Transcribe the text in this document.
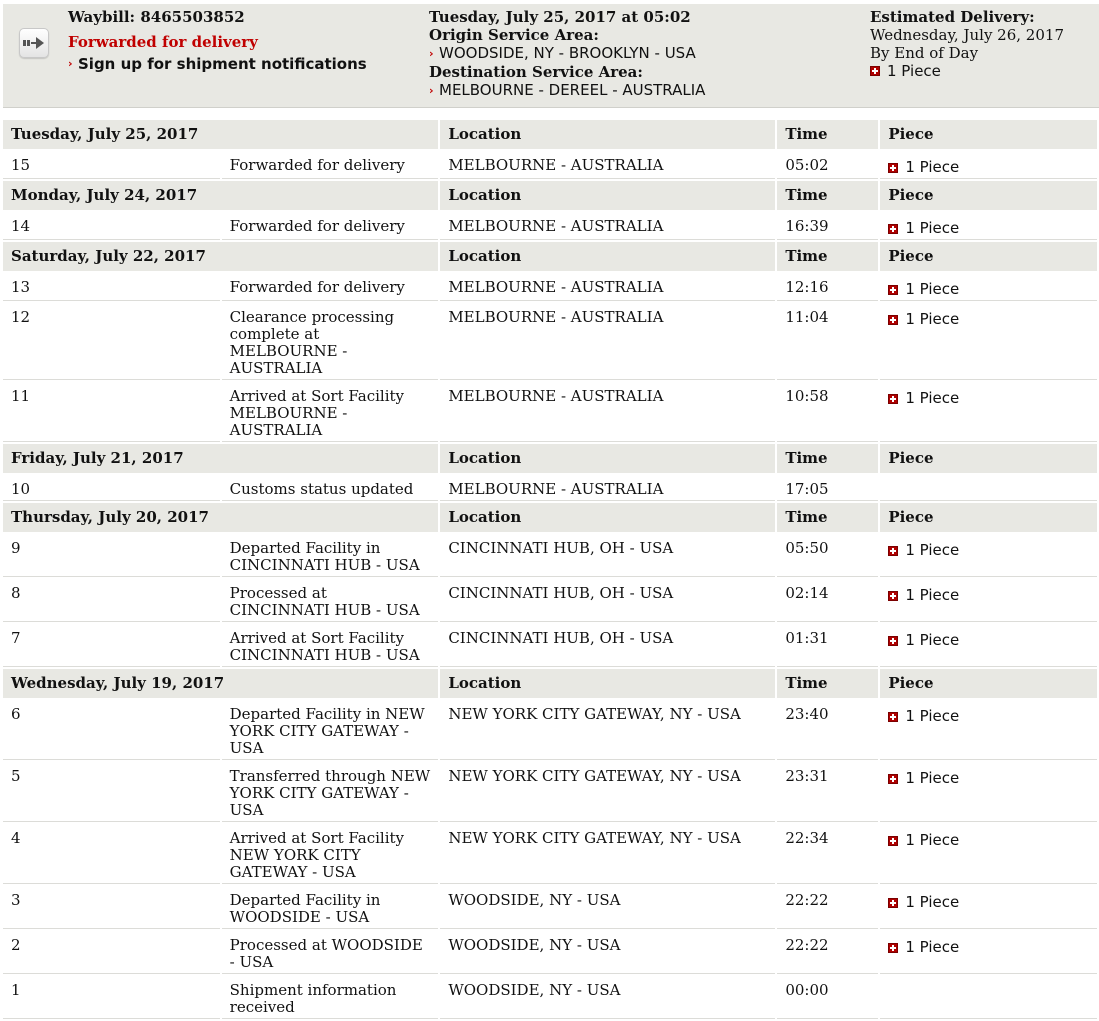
Waybill: 8465503852
Forwarded for delivery
› Sign up for shipment notifications
Tuesday, July 25, 2017 at 05:02
Origin Service Area:
› WOODSIDE, NY - BROOKLYN - USA
Destination Service Area:
› MELBOURNE - DEREEL - AUSTRALIA
Estimated Delivery:
Wednesday, July 26, 2017
By End of Day
1 Piece
Tuesday, July 25, 2017		Location	Time	Piece
15	Forwarded for delivery	MELBOURNE - AUSTRALIA	05:02	1 Piece

Monday, July 24, 2017		Location	Time	Piece
14	Forwarded for delivery	MELBOURNE - AUSTRALIA	16:39	1 Piece

Saturday, July 22, 2017		Location	Time	Piece
13	Forwarded for delivery	MELBOURNE - AUSTRALIA	12:16	1 Piece

12	Clearance processing complete at MELBOURNE - AUSTRALIA	MELBOURNE - AUSTRALIA	11:04	1 Piece

11	Arrived at Sort Facility MELBOURNE - AUSTRALIA	MELBOURNE - AUSTRALIA	10:58	1 Piece

Friday, July 21, 2017		Location	Time	Piece
10	Customs status updated	MELBOURNE - AUSTRALIA	17:05	
Thursday, July 20, 2017		Location	Time	Piece
9	Departed Facility in CINCINNATI HUB - USA	CINCINNATI HUB, OH - USA	05:50	1 Piece

8	Processed at CINCINNATI HUB - USA	CINCINNATI HUB, OH - USA	02:14	1 Piece

7	Arrived at Sort Facility CINCINNATI HUB - USA	CINCINNATI HUB, OH - USA	01:31	1 Piece

Wednesday, July 19, 2017		Location	Time	Piece
6	Departed Facility in NEW YORK CITY GATEWAY - USA	NEW YORK CITY GATEWAY, NY - USA	23:40	1 Piece

5	Transferred through NEW YORK CITY GATEWAY - USA	NEW YORK CITY GATEWAY, NY - USA	23:31	1 Piece

4	Arrived at Sort Facility NEW YORK CITY GATEWAY - USA	NEW YORK CITY GATEWAY, NY - USA	22:34	1 Piece

3	Departed Facility in WOODSIDE - USA	WOODSIDE, NY - USA	22:22	1 Piece

2	Processed at WOODSIDE - USA	WOODSIDE, NY - USA	22:22	1 Piece

1	Shipment information received	WOODSIDE, NY - USA	00:00	
